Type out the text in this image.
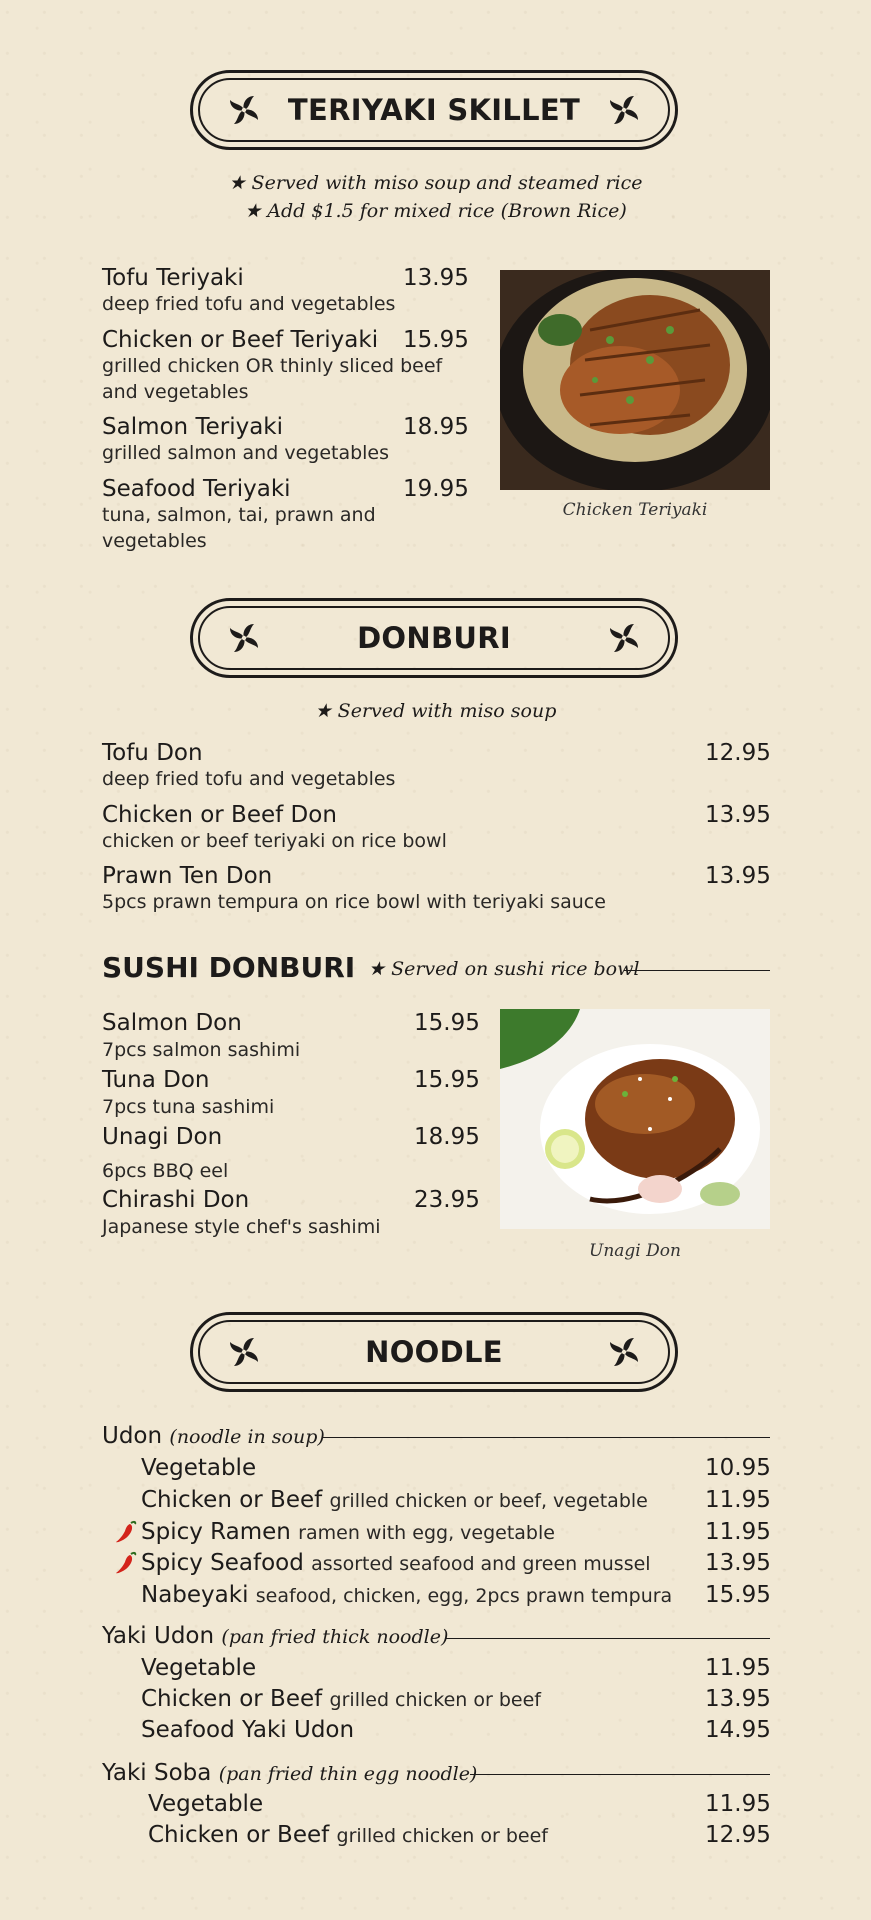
TERIYAKI SKILLET
★ Served with miso soup and steamed rice
★ Add $1.5 for mixed rice (Brown Rice)
Tofu Teriyaki	13.95
deep fried tofu and vegetables
Chicken or Beef Teriyaki 15.95
grilled chicken OR thinly sliced beef
and vegetables
Salmon Teriyaki	18.95
grilled salmon and vegetables
Seafood Teriyaki	19.95
tuna, salmon, tai, prawn and
vegetables
Chicken Teriyaki
DONBURI
★ Served with miso soup
Tofu Don	12.95
deep fried tofu and vegetables
Chicken or Beef Don	13.95
chicken or beef teriyaki on rice bowl
Prawn Ten Don	13.95
5pcs prawn tempura on rice bowl with teriyaki sauce
SUSHI DONBURI ★ Served on sushi rice bowl
Salmon Don	15.95
7pcs salmon sashimi
Tuna Don	15.95
7pcs tuna sashimi
Unagi Don	18.95
6pcs BBQ eel
Chirashi Don	23.95
Japanese style chef's sashimi
Unagi Don
NOODLE
Udon (noodle in soup)
Vegetable	10.95
Chicken or Beef grilled chicken or beef, vegetable 11.95
Spicy Ramen ramen with egg, vegetable	11.95
Spicy Seafood assorted seafood and green mussel 13.95
Nabeyaki seafood, chicken, egg, 2pcs prawn tempura 15.95
Yaki Udon (pan fried thick noodle)
Vegetable	11.95
Chicken or Beef grilled chicken or beef	13.95
Seafood Yaki Udon	14.95
Yaki Soba (pan fried thin egg noodle)
Vegetable	11.95
Chicken or Beef grilled chicken or beef	12.95
